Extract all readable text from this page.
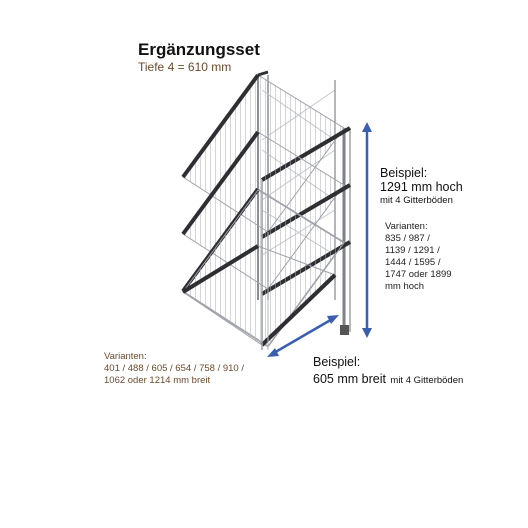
Ergänzungsset
Tiefe 4 = 610 mm
Beispiel:
1291 mm hoch
mit 4 Gitterböden
Varianten:
835 / 987 /
1139 / 1291 /
1444 / 1595 /
1747 oder 1899
mm hoch
Varianten:
401 / 488 / 605 / 654 / 758 / 910 /
1062 oder 1214 mm breit
Beispiel:
605 mm breit mit 4 Gitterböden
